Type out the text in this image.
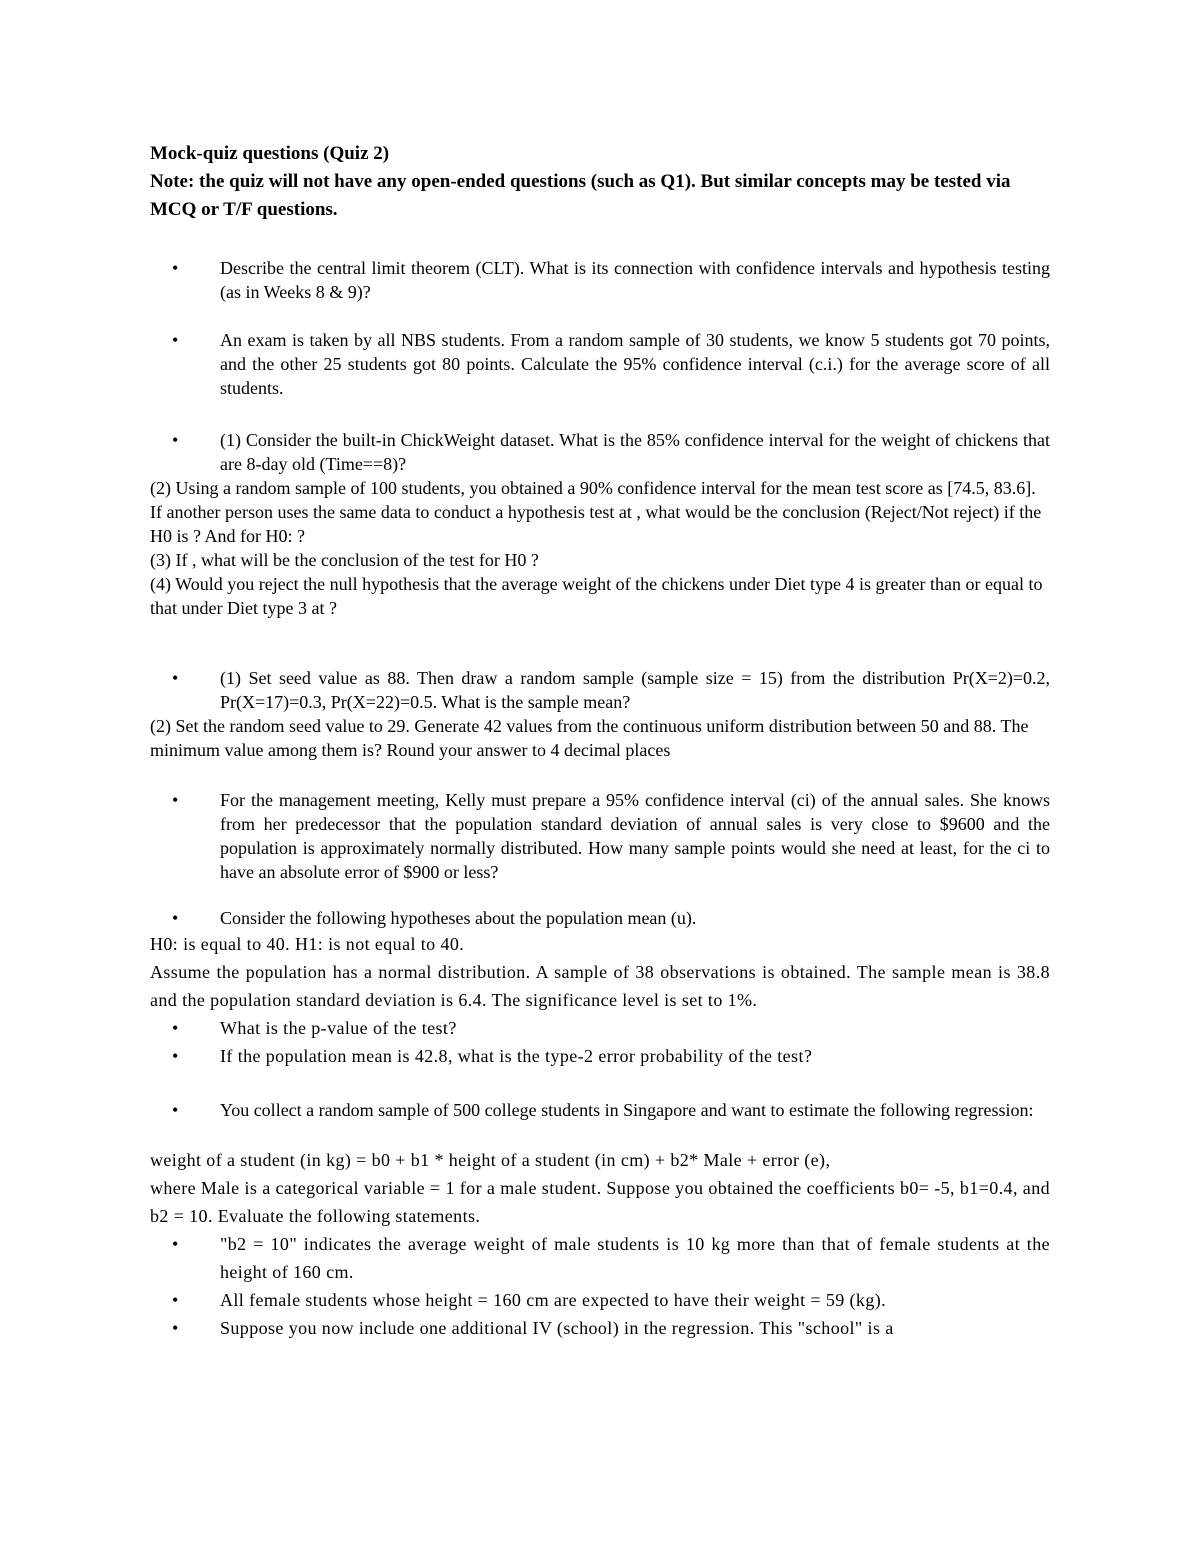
Mock-quiz questions (Quiz 2)
Note: the quiz will not have any open-ended questions (such as Q1). But similar concepts may be tested via MCQ or T/F questions.
• Describe the central limit theorem (CLT). What is its connection with confidence intervals and hypothesis testing (as in Weeks 8 & 9)?
• An exam is taken by all NBS students. From a random sample of 30 students, we know 5 students got 70 points, and the other 25 students got 80 points. Calculate the 95% confidence interval (c.i.) for the average score of all students.
• (1) Consider the built-in ChickWeight dataset. What is the 85% confidence interval for the weight of chickens that are 8-day old (Time==8)?
(2) Using a random sample of 100 students, you obtained a 90% confidence interval for the mean test score as [74.5, 83.6]. If another person uses the same data to conduct a hypothesis test at , what would be the conclusion (Reject/Not reject) if the H0 is ? And for H0: ?
(3) If , what will be the conclusion of the test for H0 ?
(4) Would you reject the null hypothesis that the average weight of the chickens under Diet type 4 is greater than or equal to that under Diet type 3 at ?
• (1) Set seed value as 88. Then draw a random sample (sample size = 15) from the distribution Pr(X=2)=0.2, Pr(X=17)=0.3, Pr(X=22)=0.5. What is the sample mean?
(2) Set the random seed value to 29. Generate 42 values from the continuous uniform distribution between 50 and 88. The minimum value among them is? Round your answer to 4 decimal places
• For the management meeting, Kelly must prepare a 95% confidence interval (ci) of the annual sales. She knows from her predecessor that the population standard deviation of annual sales is very close to $9600 and the population is approximately normally distributed. How many sample points would she need at least, for the ci to have an absolute error of $900 or less?
• Consider the following hypotheses about the population mean (u).
H0: is equal to 40. H1: is not equal to 40.
Assume the population has a normal distribution. A sample of 38 observations is obtained. The sample mean is 38.8 and the population standard deviation is 6.4. The significance level is set to 1%.
• What is the p-value of the test?
• If the population mean is 42.8, what is the type-2 error probability of the test?
• You collect a random sample of 500 college students in Singapore and want to estimate the following regression:
weight of a student (in kg) = b0 + b1 * height of a student (in cm) + b2* Male + error (e),
where Male is a categorical variable = 1 for a male student. Suppose you obtained the coefficients b0= -5, b1=0.4, and b2 = 10. Evaluate the following statements.
• "b2 = 10" indicates the average weight of male students is 10 kg more than that of female students at the height of 160 cm.
• All female students whose height = 160 cm are expected to have their weight = 59 (kg).
• Suppose you now include one additional IV (school) in the regression. This "school" is a
